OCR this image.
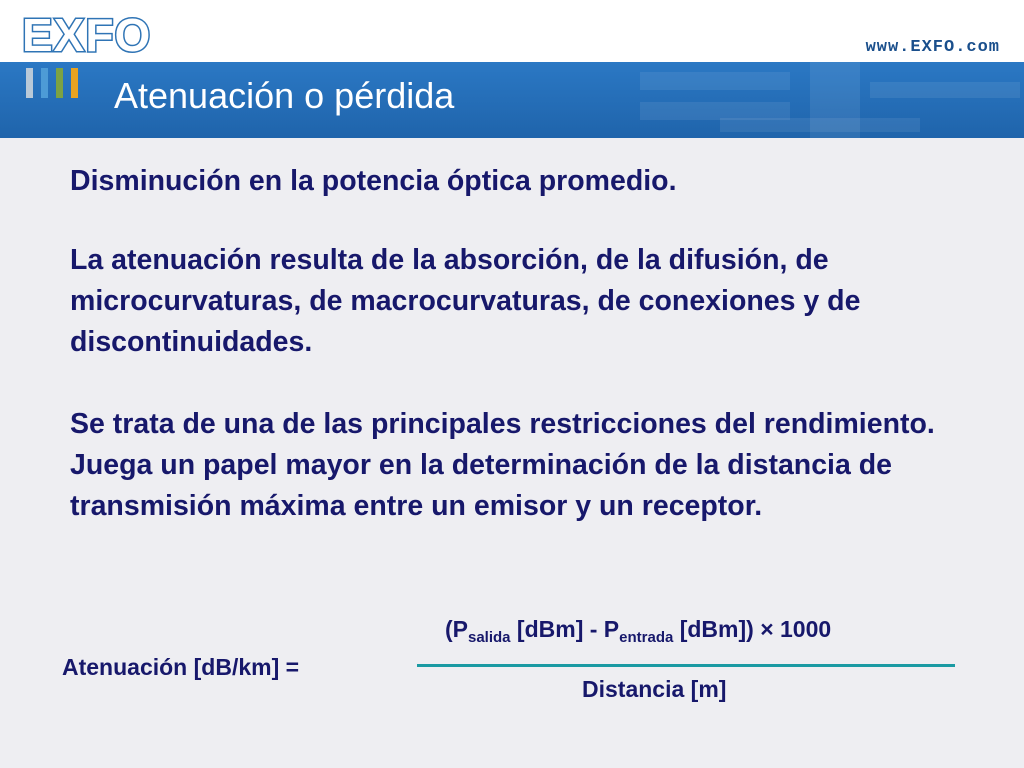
EXFO	www.EXFO.com
Atenuación o pérdida

Disminución en la potencia óptica promedio.

La atenuación resulta de la absorción, de la difusión, de microcurvaturas, de macrocurvaturas, de conexiones y de discontinuidades.

Se trata de una de las principales restricciones del rendimiento. Juega un papel mayor en la determinación de la distancia de transmisión máxima entre un emisor y un receptor.

Atenuación [dB/km] =
($P_{salida}$ $[dBm] - P_{entrada}$ [dBm]) × 1000
Distancia [m]
